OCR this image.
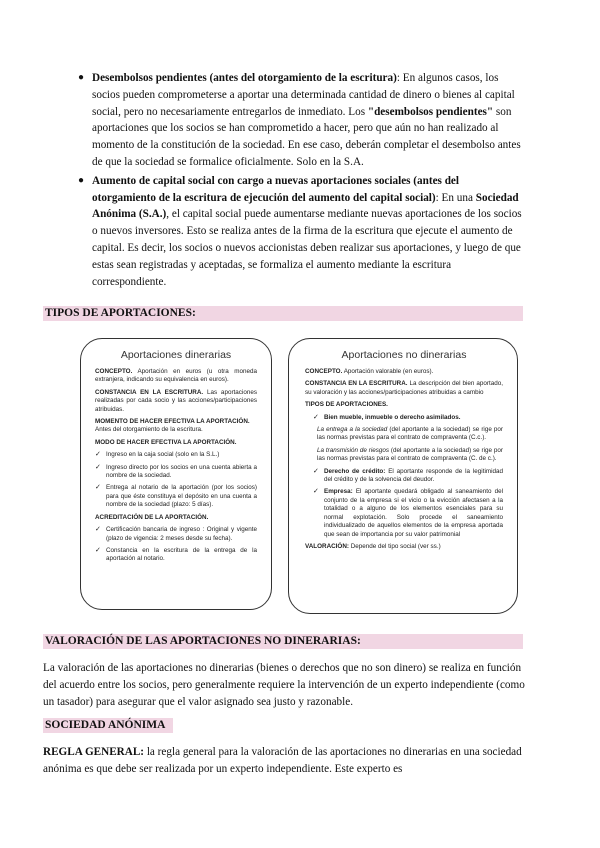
● Desembolsos pendientes (antes del otorgamiento de la escritura): En algunos casos, los socios pueden comprometerse a aportar una determinada cantidad de dinero o bienes al capital social, pero no necesariamente entregarlos de inmediato. Los "desembolsos pendientes" son aportaciones que los socios se han comprometido a hacer, pero que aún no han realizado al momento de la constitución de la sociedad. En ese caso, deberán completar el desembolso antes de que la sociedad se formalice oficialmente. Solo en la S.A.
● Aumento de capital social con cargo a nuevas aportaciones sociales (antes del otorgamiento de la escritura de ejecución del aumento del capital social): En una Sociedad Anónima (S.A.), el capital social puede aumentarse mediante nuevas aportaciones de los socios o nuevos inversores. Esto se realiza antes de la firma de la escritura que ejecute el aumento de capital. Es decir, los socios o nuevos accionistas deben realizar sus aportaciones, y luego de que estas sean registradas y aceptadas, se formaliza el aumento mediante la escritura correspondiente.
TIPOS DE APORTACIONES:
Aportaciones dinerarias

CONCEPTO. Aportación en euros (u otra moneda extranjera, indicando su equivalencia en euros).

CONSTANCIA EN LA ESCRITURA. Las aportaciones realizadas por cada socio y las acciones/participaciones atribuidas.

MOMENTO DE HACER EFECTIVA LA APORTACIÓN.
Antes del otorgamiento de la escritura.

MODO DE HACER EFECTIVA LA APORTACIÓN.

✓ Ingreso en la caja social (solo en la S.L.)
✓ Ingreso directo por los socios en una cuenta abierta a nombre de la sociedad.
✓ Entrega al notario de la aportación (por los socios) para que éste constituya el depósito en una cuenta a nombre de la sociedad (plazo: 5 días).

ACREDITACIÓN DE LA APORTACIÓN.

✓ Certificación bancaria de ingreso : Original y vigente (plazo de vigencia: 2 meses desde su fecha).
✓ Constancia en la escritura de la entrega de la aportación al notario.
Aportaciones no dinerarias

CONCEPTO. Aportación valorable (en euros).

CONSTANCIA EN LA ESCRITURA. La descripción del bien aportado, su valoración y las acciones/participaciones atribuidas a cambio

TIPOS DE APORTACIONES.

✓ Bien mueble, inmueble o derecho asimilados.

La entrega a la sociedad (del aportante a la sociedad) se rige por las normas previstas para el contrato de compraventa (C.c.).

La transmisión de riesgos (del aportante a la sociedad) se rige por las normas previstas para el contrato de compraventa (C. de c.).

✓ Derecho de crédito: El aportante responde de la legitimidad del crédito y de la solvencia del deudor.
✓ Empresa: El aportante quedará obligado al saneamiento del conjunto de la empresa si el vicio o la evicción afectasen a la totalidad o a alguno de los elementos esenciales para su normal explotación. Solo procede el saneamiento individualizado de aquellos elementos de la empresa aportada que sean de importancia por su valor patrimonial

VALORACIÓN: Depende del tipo social (ver ss.)

VALORACIÓN DE LAS APORTACIONES NO DINERARIAS:
La valoración de las aportaciones no dinerarias (bienes o derechos que no son dinero) se realiza en función del acuerdo entre los socios, pero generalmente requiere la intervención de un experto independiente (como un tasador) para asegurar que el valor asignado sea justo y razonable.
SOCIEDAD ANÓNIMA
REGLA GENERAL: la regla general para la valoración de las aportaciones no dinerarias en una sociedad anónima es que debe ser realizada por un experto independiente. Este experto es
